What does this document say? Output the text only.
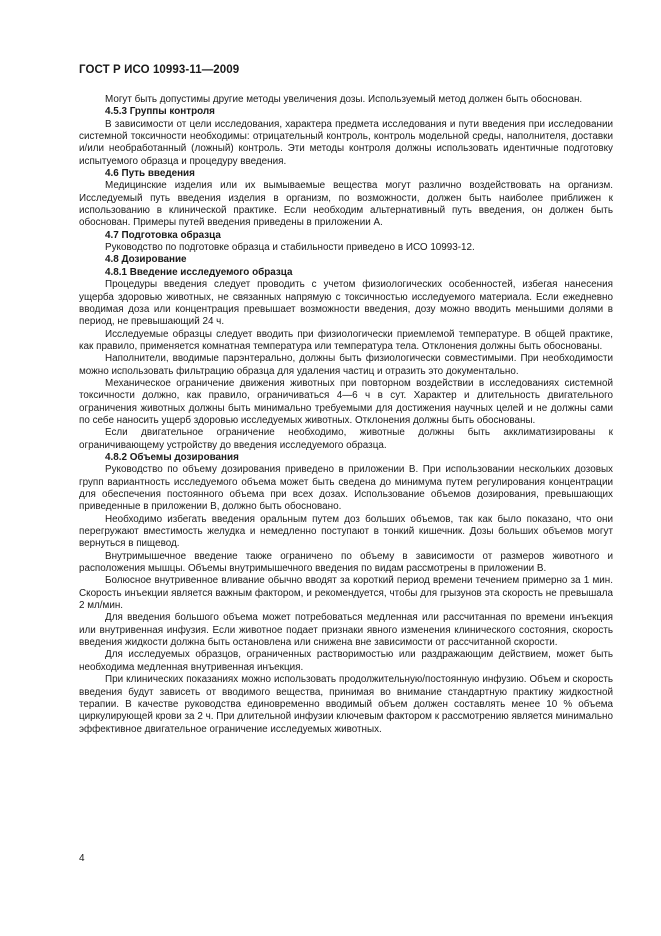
ГОСТ Р ИСО 10993-11—2009

Могут быть допустимы другие методы увеличения дозы. Используемый метод должен быть обоснован.

4.5.3 Группы контроля

В зависимости от цели исследования, характера предмета исследования и пути введения при исследовании системной токсичности необходимы: отрицательный контроль, контроль модельной среды, наполнителя, доставки и/или необработанный (ложный) контроль. Эти методы контроля должны использовать идентичные подготовку испытуемого образца и процедуру введения.

4.6 Путь введения

Медицинские изделия или их вымываемые вещества могут различно воздействовать на организм. Исследуемый путь введения изделия в организм, по возможности, должен быть наиболее приближен к использованию в клинической практике. Если необходим альтернативный путь введения, он должен быть обоснован. Примеры путей введения приведены в приложении А.

4.7 Подготовка образца

Руководство по подготовке образца и стабильности приведено в ИСО 10993-12.

4.8 Дозирование

4.8.1 Введение исследуемого образца

Процедуры введения следует проводить с учетом физиологических особенностей, избегая нанесения ущерба здоровью животных, не связанных напрямую с токсичностью исследуемого материала. Если ежедневно вводимая доза или концентрация превышает возможности введения, дозу можно вводить меньшими долями в период, не превышающий 24 ч.

Исследуемые образцы следует вводить при физиологически приемлемой температуре. В общей практике, как правило, применяется комнатная температура или температура тела. Отклонения должны быть обоснованы.

Наполнители, вводимые парэнтерально, должны быть физиологически совместимыми. При необходимости можно использовать фильтрацию образца для удаления частиц и отразить это документально.

Механическое ограничение движения животных при повторном воздействии в исследованиях системной токсичности должно, как правило, ограничиваться 4—6 ч в сут. Характер и длительность двигательного ограничения животных должны быть минимально требуемыми для достижения научных целей и не должны сами по себе наносить ущерб здоровью исследуемых животных. Отклонения должны быть обоснованы.

Если двигательное ограничение необходимо, животные должны быть акклиматизированы к ограничивающему устройству до введения исследуемого образца.

4.8.2 Объемы дозирования

Руководство по объему дозирования приведено в приложении В. При использовании нескольких дозовых групп вариантность исследуемого объема может быть сведена до минимума путем регулирования концентрации для обеспечения постоянного объема при всех дозах. Использование объемов дозирования, превышающих приведенные в приложении В, должно быть обосновано.

Необходимо избегать введения оральным путем доз больших объемов, так как было показано, что они перегружают вместимость желудка и немедленно поступают в тонкий кишечник. Дозы больших объемов могут вернуться в пищевод.

Внутримышечное введение также ограничено по объему в зависимости от размеров животного и расположения мышцы. Объемы внутримышечного введения по видам рассмотрены в приложении В.

Болюсное внутривенное вливание обычно вводят за короткий период времени течением примерно за 1 мин. Скорость инъекции является важным фактором, и рекомендуется, чтобы для грызунов эта скорость не превышала 2 мл/мин.

Для введения большого объема может потребоваться медленная или рассчитанная по времени инъекция или внутривенная инфузия. Если животное подает признаки явного изменения клинического состояния, скорость введения жидкости должна быть остановлена или снижена вне зависимости от рассчитанной скорости.

Для исследуемых образцов, ограниченных растворимостью или раздражающим действием, может быть необходима медленная внутривенная инъекция.

При клинических показаниях можно использовать продолжительную/постоянную инфузию. Объем и скорость введения будут зависеть от вводимого вещества, принимая во внимание стандартную практику жидкостной терапии. В качестве руководства единовременно вводимый объем должен составлять менее 10 % объема циркулирующей крови за 2 ч. При длительной инфузии ключевым фактором к рассмотрению является минимально эффективное двигательное ограничение исследуемых животных.

4
